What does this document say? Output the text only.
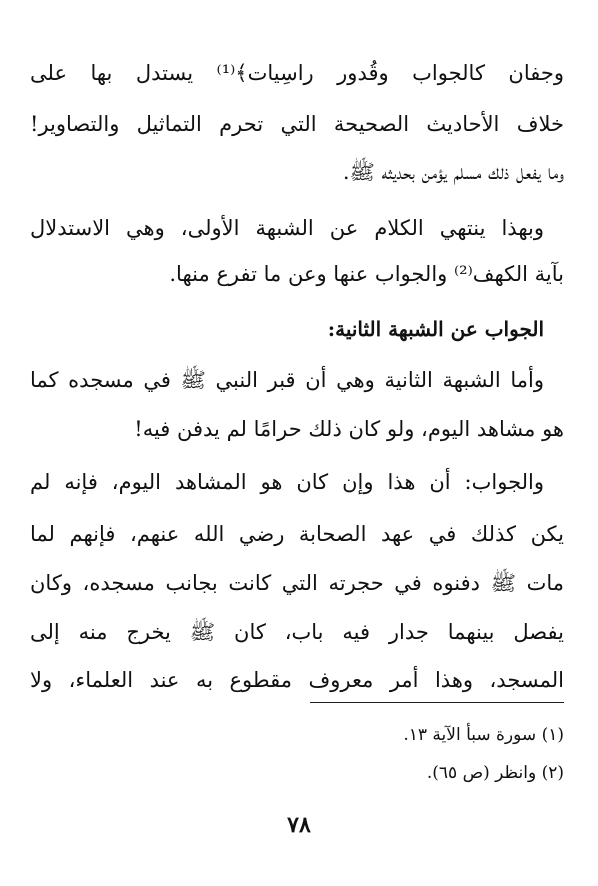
وجفان كالجواب وقُدور راسِيات﴾⁽¹⁾ يستدل بها على
خلاف الأحاديث الصحيحة التي تحرم التماثيل والتصاوير!
وما يفعل ذلك مسلم يؤمن بحديثه ﷺ.
وبهذا ينتهي الكلام عن الشبهة الأولى، وهي الاستدلال
بآية الكهف⁽²⁾ والجواب عنها وعن ما تفرع منها.
الجواب عن الشبهة الثانية:
وأما الشبهة الثانية وهي أن قبر النبي ﷺ في مسجده كما
هو مشاهد اليوم، ولو كان ذلك حرامًا لم يدفن فيه!
والجواب: أن هذا وإن كان هو المشاهد اليوم، فإنه لم
يكن كذلك في عهد الصحابة رضي الله عنهم، فإنهم لما
مات ﷺ دفنوه في حجرته التي كانت بجانب مسجده، وكان
يفصل بينهما جدار فيه باب، كان ﷺ يخرج منه إلى
المسجد، وهذا أمر معروف مقطوع به عند العلماء، ولا
(١) سورة سبأ الآية ١٣.
(٢) وانظر (ص ٦٥).
٧٨
